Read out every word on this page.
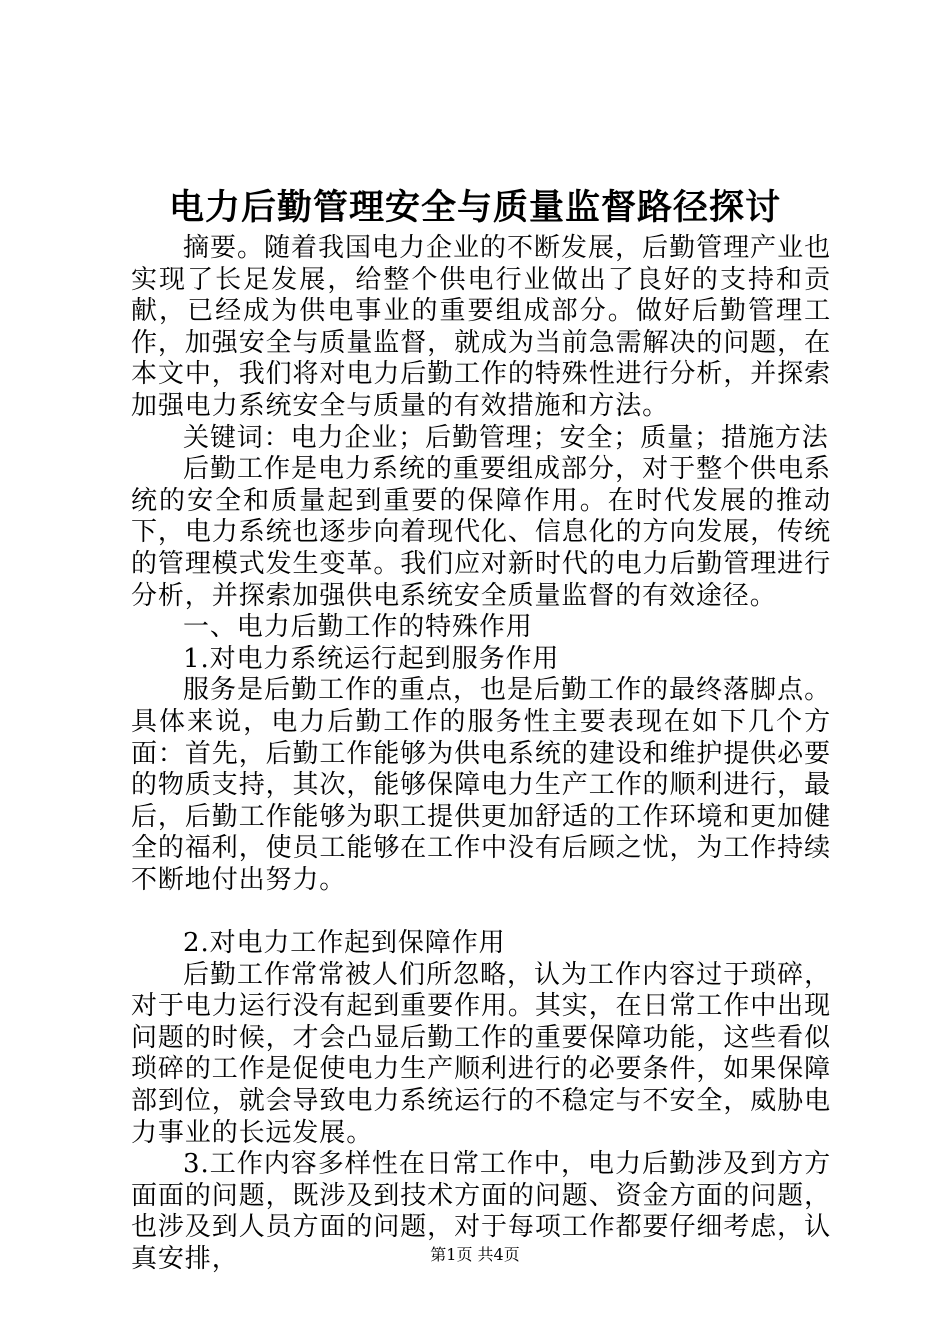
电力后勤管理安全与质量监督路径探讨

摘要。随着我国电力企业的不断发展，后勤管理产业也实现了长足发展，给整个供电行业做出了良好的支持和贡献，已经成为供电事业的重要组成部分。做好后勤管理工作，加强安全与质量监督，就成为当前急需解决的问题，在本文中，我们将对电力后勤工作的特殊性进行分析，并探索加强电力系统安全与质量的有效措施和方法。

关键词：电力企业；后勤管理；安全；质量；措施方法

后勤工作是电力系统的重要组成部分，对于整个供电系统的安全和质量起到重要的保障作用。在时代发展的推动下，电力系统也逐步向着现代化、信息化的方向发展，传统的管理模式发生变革。我们应对新时代的电力后勤管理进行分析，并探索加强供电系统安全质量监督的有效途径。

一、电力后勤工作的特殊作用

1.对电力系统运行起到服务作用

服务是后勤工作的重点，也是后勤工作的最终落脚点。具体来说，电力后勤工作的服务性主要表现在如下几个方面：首先，后勤工作能够为供电系统的建设和维护提供必要的物质支持，其次，能够保障电力生产工作的顺利进行，最后，后勤工作能够为职工提供更加舒适的工作环境和更加健全的福利，使员工能够在工作中没有后顾之忧，为工作持续不断地付出努力。

2.对电力工作起到保障作用

后勤工作常常被人们所忽略，认为工作内容过于琐碎，对于电力运行没有起到重要作用。其实，在日常工作中出现问题的时候，才会凸显后勤工作的重要保障功能，这些看似琐碎的工作是促使电力生产顺利进行的必要条件，如果保障部到位，就会导致电力系统运行的不稳定与不安全，威胁电力事业的长远发展。

3.工作内容多样性在日常工作中，电力后勤涉及到方方面面的问题，既涉及到技术方面的问题、资金方面的问题，也涉及到人员方面的问题，对于每项工作都要仔细考虑，认真安排，	第1页 共4页
